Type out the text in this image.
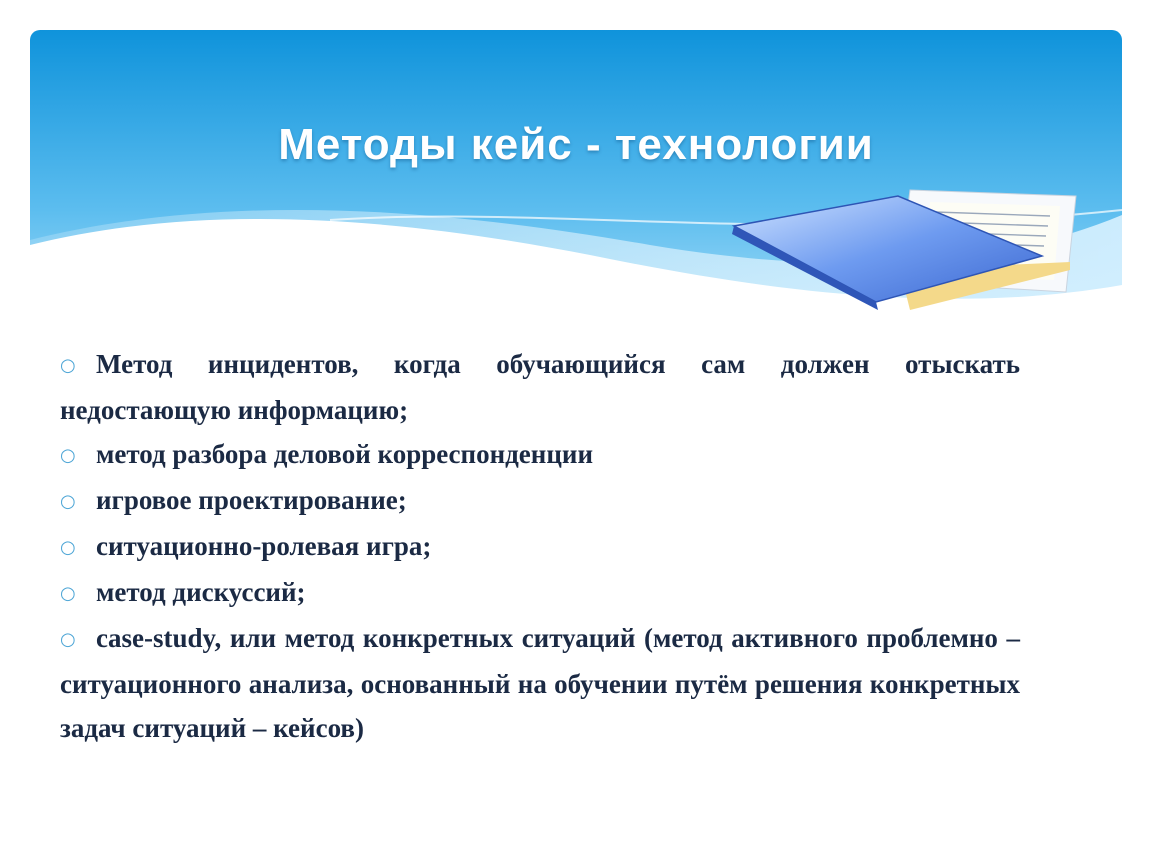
Методы кейс - технологии

○ Метод инцидентов, когда обучающийся сам должен отыскать недостающую информацию;

○ метод разбора деловой корреспонденции

○ игровое проектирование;

○ ситуационно-ролевая игра;

○ метод дискуссий;

○ case-study, или метод конкретных ситуаций (метод активного проблемно – ситуационного анализа, основанный на обучении путём решения конкретных задач ситуаций – кейсов)
